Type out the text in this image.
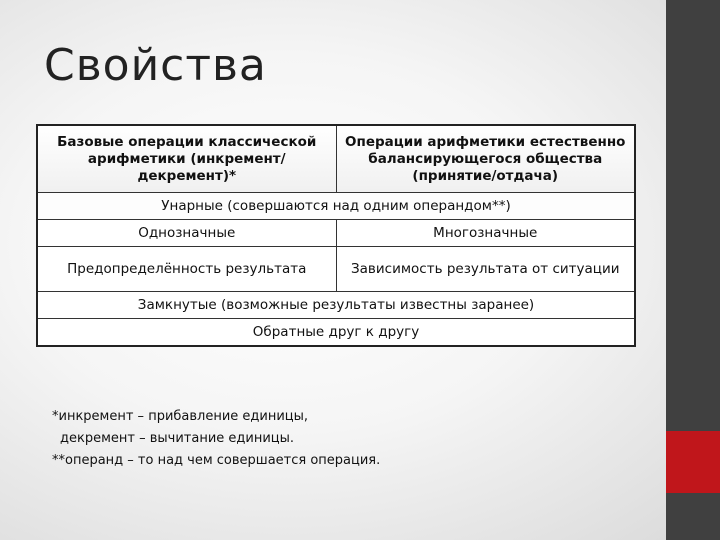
Свойства
Базовые операции классической арифметики (инкремент/декремент)*	Операции арифметики естественно балансирующегося общества (принятие/отдача)
Унарные (совершаются над одним операндом**)	
Однозначные	Многозначные
Предопределённость результата	Зависимость результата от ситуации
Замкнутые (возможные результаты известны заранее)	
Обратные друг к другу	
*инкремент – прибавление единицы,
декремент – вычитание единицы.
**операнд – то над чем совершается операция.
